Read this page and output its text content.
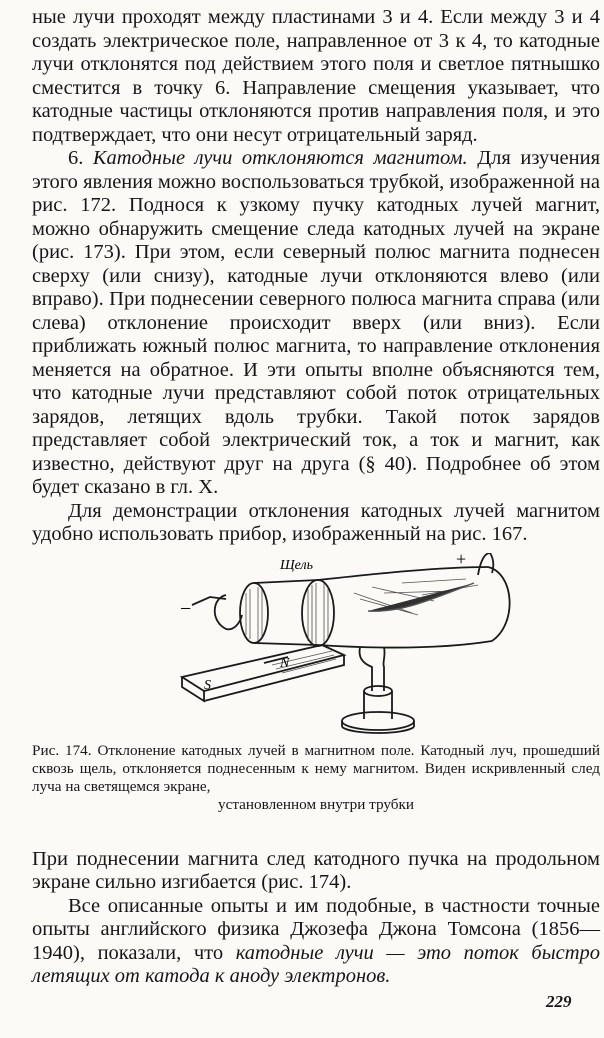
ные лучи проходят между пластинами 3 и 4. Если между 3 и 4 создать электрическое поле, направленное от 3 к 4, то катодные лучи отклонятся под действием этого поля и светлое пятнышко сместится в точку 6. Направление смещения указывает, что катодные частицы отклоняются против направления поля, и это подтверждает, что они несут отрицательный заряд.

6. Катодные лучи отклоняются магнитом. Для изучения этого явления можно воспользоваться трубкой, изображенной на рис. 172. Поднося к узкому пучку катодных лучей магнит, можно обнаружить смещение следа катодных лучей на экране (рис. 173). При этом, если северный полюс магнита поднесен сверху (или снизу), катодные лучи отклоняются влево (или вправо). При поднесении северного полюса магнита справа (или слева) отклонение происходит вверх (или вниз). Если приближать южный полюс магнита, то направление отклонения меняется на обратное. И эти опыты вполне объясняются тем, что катодные лучи представляют собой поток отрицательных зарядов, летящих вдоль трубки. Такой поток зарядов представляет собой электрический ток, а ток и магнит, как известно, действуют друг на друга (§ 40). Подробнее об этом будет сказано в гл. X.

Для демонстрации отклонения катодных лучей магнитом удобно использовать прибор, изображенный на рис. 167.

Щель	+
−
N
S

Рис. 174. Отклонение катодных лучей в магнитном поле. Катодный луч, прошедший сквозь щель, отклоняется поднесенным к нему магнитом. Виден искривленный след луча на светящемся экране,
установленном внутри трубки

При поднесении магнита след катодного пучка на продольном экране сильно изгибается (рис. 174).

Все описанные опыты и им подобные, в частности точные опыты английского физика Джозефа Джона Томсона (1856—1940), показали, что катодные лучи — это поток быстро летящих от катода к аноду электронов.

229
